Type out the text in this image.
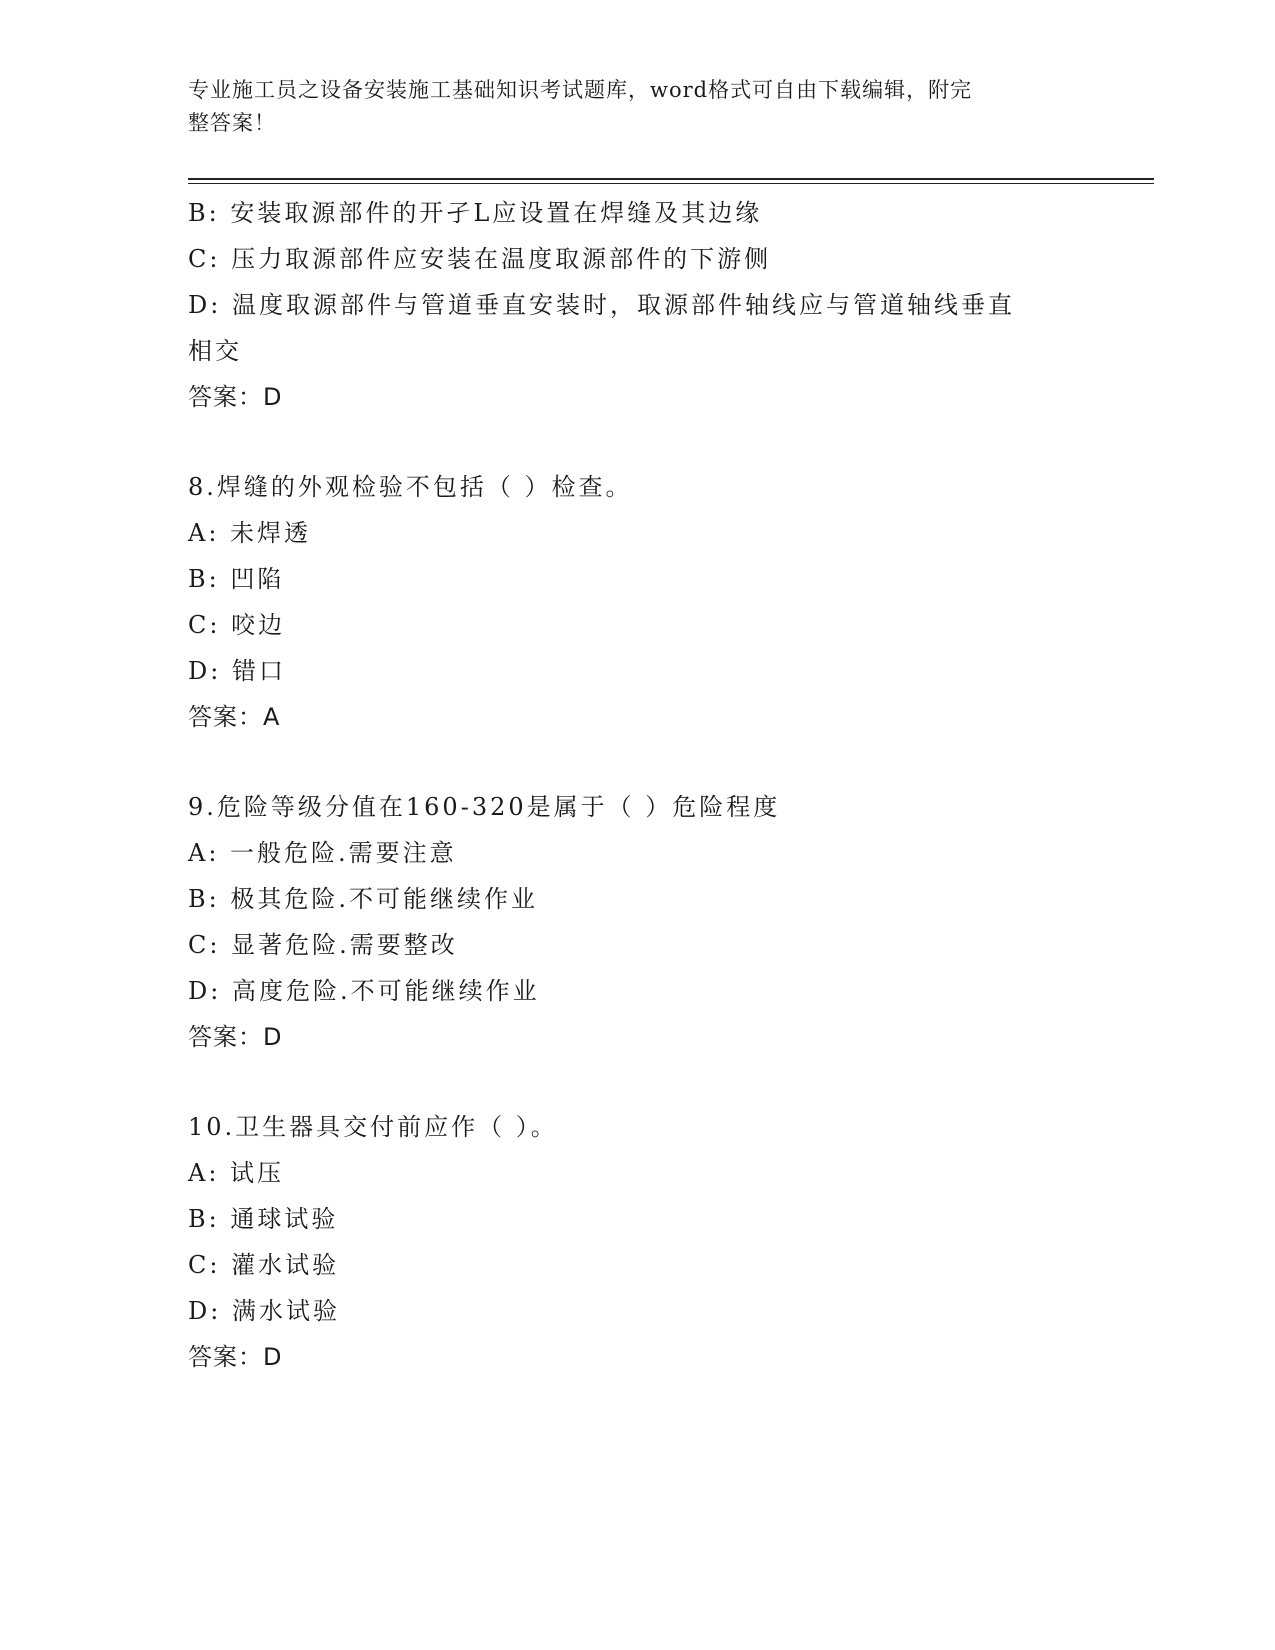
专业施工员之设备安装施工基础知识考试题库，word格式可自由下载编辑，附完
整答案！
B: 安装取源部件的开孑L应设置在焊缝及其边缘
C: 压力取源部件应安装在温度取源部件的下游侧
D: 温度取源部件与管道垂直安装时，取源部件轴线应与管道轴线垂直
相交
答案：D
8.焊缝的外观检验不包括（ ）检查。
A: 未焊透
B: 凹陷
C: 咬边
D: 错口
答案：A
9.危险等级分值在160-320是属于（ ）危险程度
A: 一般危险.需要注意
B: 极其危险.不可能继续作业
C: 显著危险.需要整改
D: 高度危险.不可能继续作业
答案：D
10.卫生器具交付前应作（ ）。
A: 试压
B: 通球试验
C: 灌水试验
D: 满水试验
答案：D
